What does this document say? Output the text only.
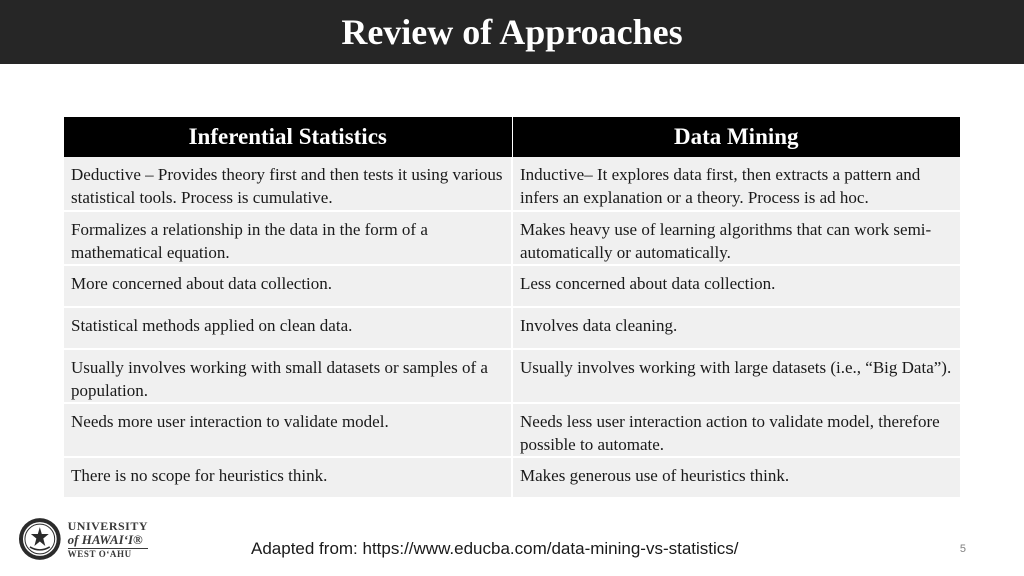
Review of Approaches
Inferential Statistics	Data Mining
Deductive – Provides theory first and then tests it using various statistical tools. Process is cumulative.	Inductive– It explores data first, then extracts a pattern and infers an explanation or a theory. Process is ad hoc.
Formalizes a relationship in the data in the form of a mathematical equation.	Makes heavy use of learning algorithms that can work semi-automatically or automatically.
More concerned about data collection.	Less concerned about data collection.
Statistical methods applied on clean data.	Involves data cleaning.
Usually involves working with small datasets or samples of a population.	Usually involves working with large datasets (i.e., “Big Data”).
Needs more user interaction to validate model.	Needs less user interaction action to validate model, therefore possible to automate.
There is no scope for heuristics think.	Makes generous use of heuristics think.
UNIVERSITY
of HAWAI‘I®
WEST O‘AHU	Adapted from: https://www.educba.com/data-mining-vs-statistics/	5
